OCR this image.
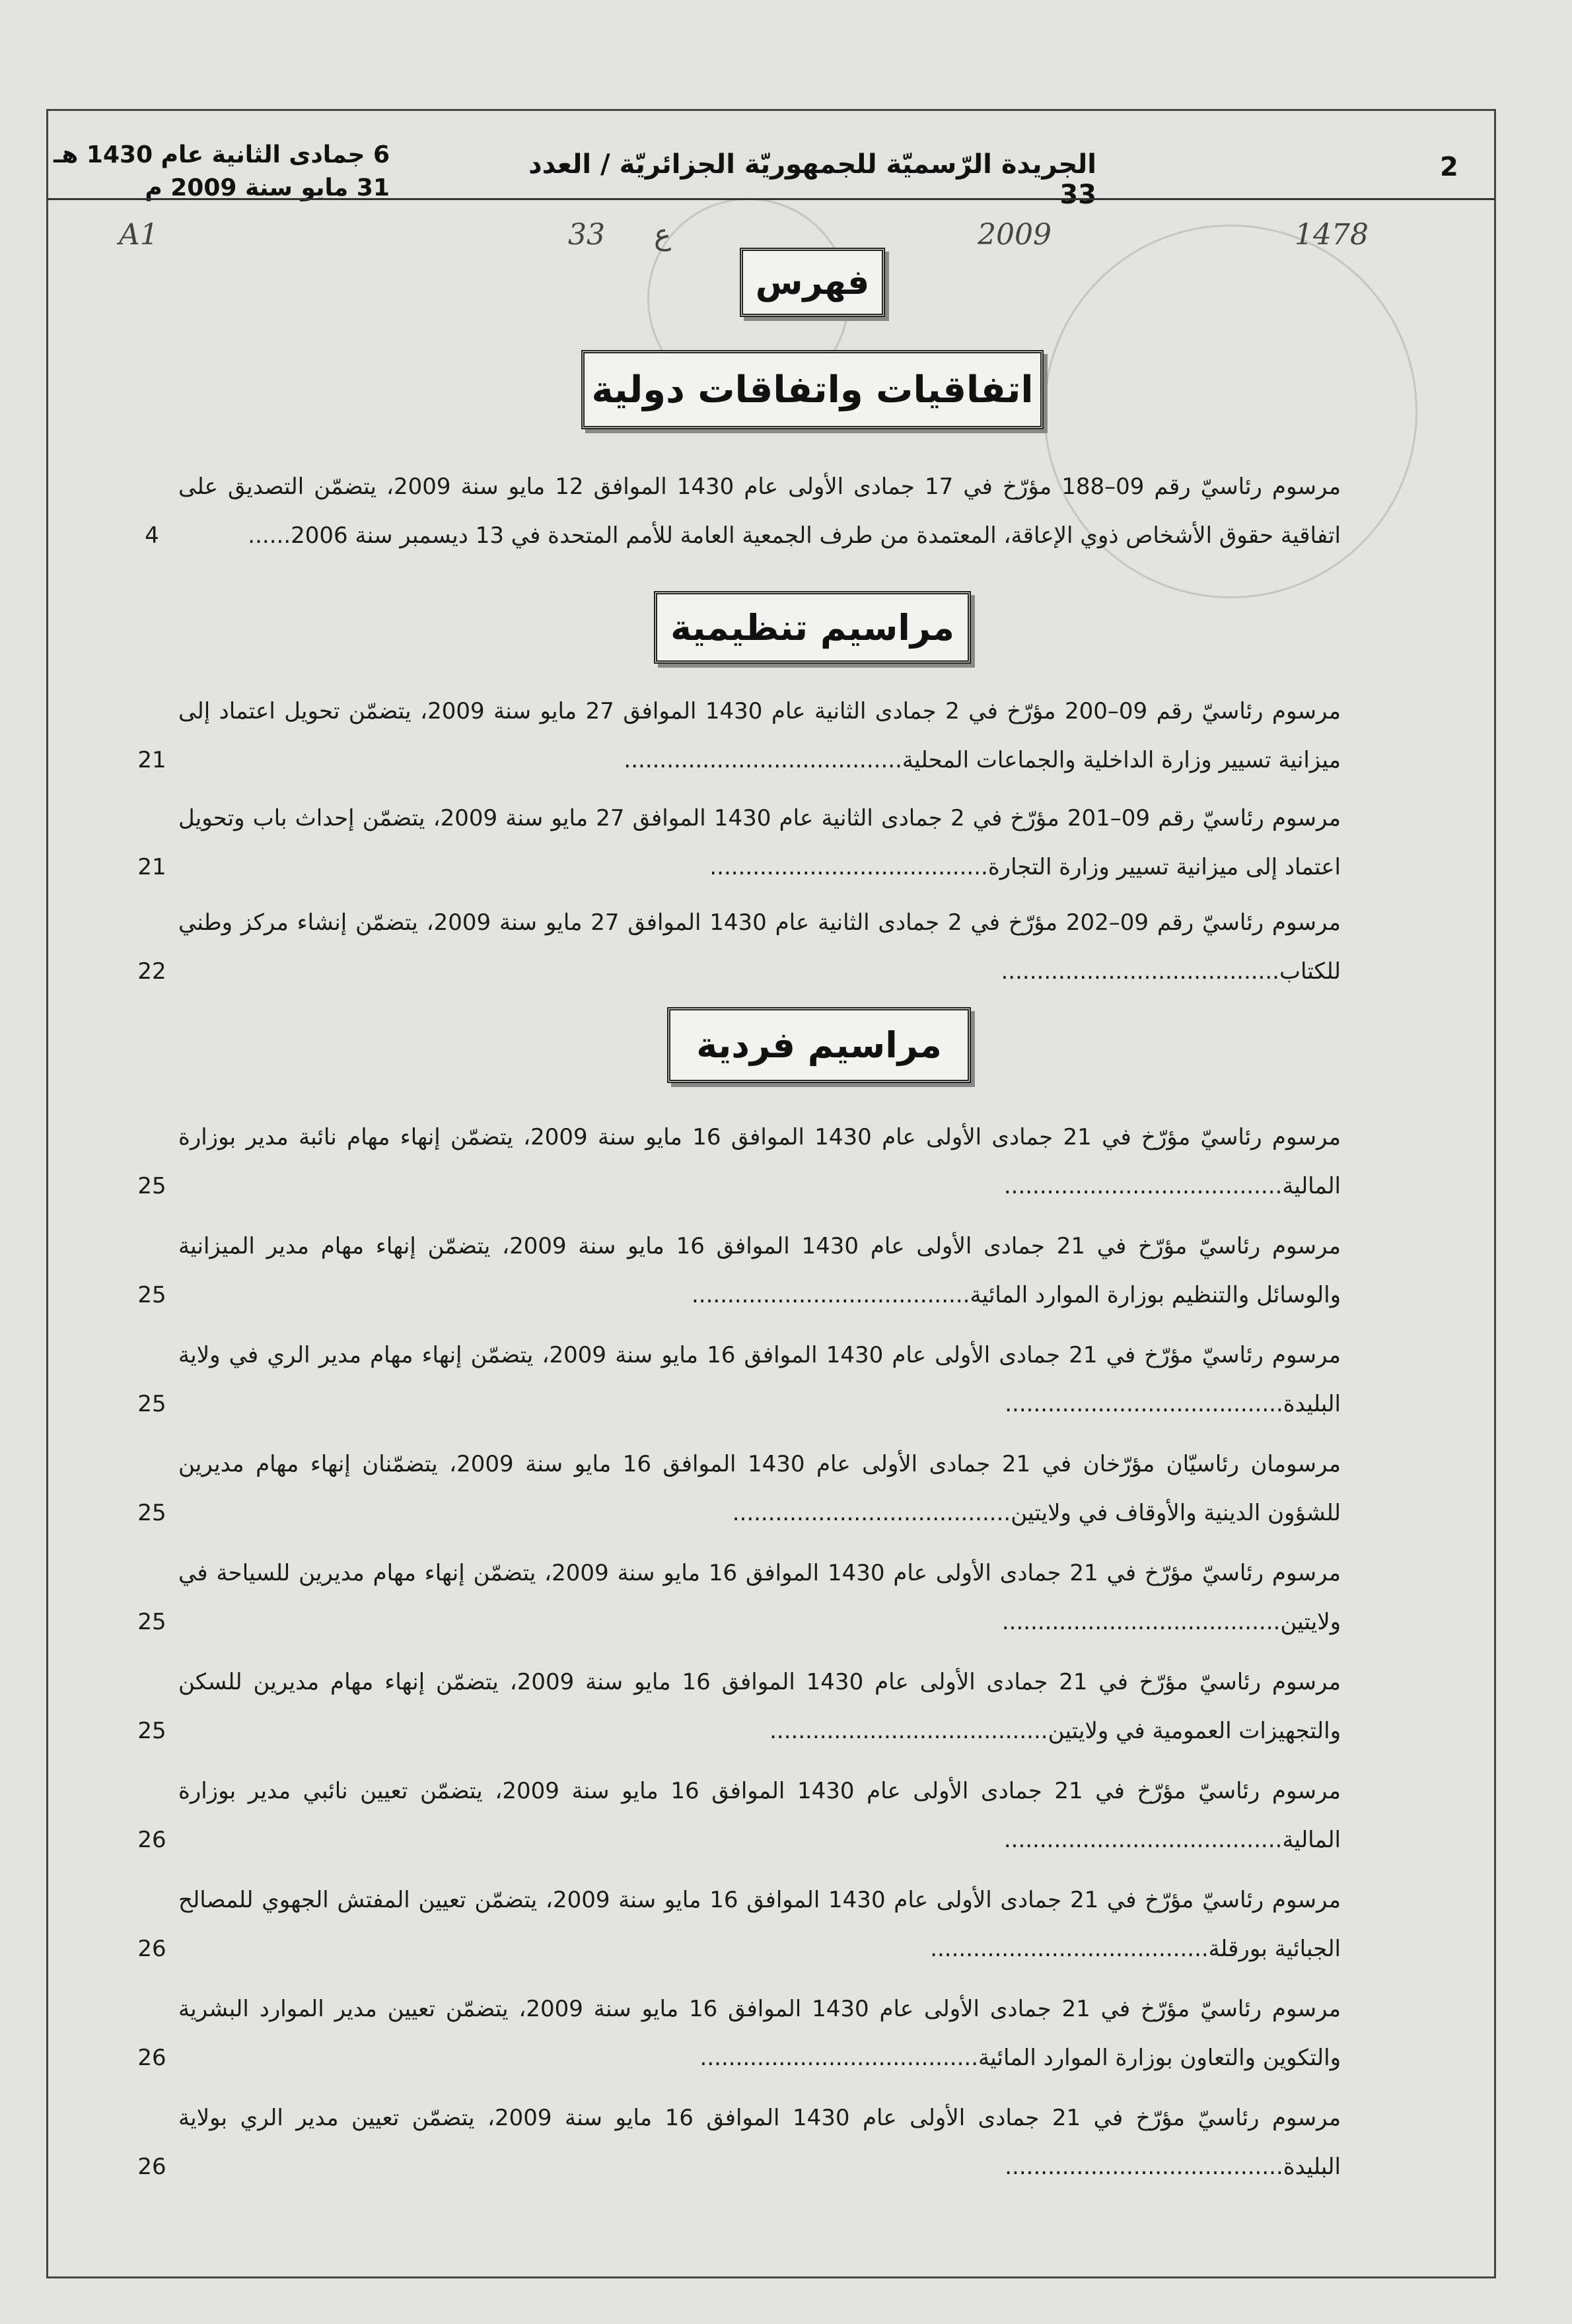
2
الجريدة الرّسميّة للجمهوريّة الجزائريّة / العدد 33
6 جمادى الثانية عام 1430 هـ
31 مايو سنة 2009 م
A1	33 ع	2009	1478
فهرس
اتفاقيات واتفاقات دولية
مرسوم رئاسيّ رقم 09–188 مؤرّخ في 17 جمادى الأولى عام 1430 الموافق 12 مايو سنة 2009، يتضمّن التصديق على اتفاقية حقوق الأشخاص ذوي الإعاقة، المعتمدة من طرف الجمعية العامة للأمم المتحدة في 13 ديسمبر سنة 2006......
4
مراسيم تنظيمية
مرسوم رئاسيّ رقم 09–200 مؤرّخ في 2 جمادى الثانية عام 1430 الموافق 27 مايو سنة 2009، يتضمّن تحويل اعتماد إلى ميزانية تسيير وزارة الداخلية والجماعات المحلية.......................................
21
مرسوم رئاسيّ رقم 09–201 مؤرّخ في 2 جمادى الثانية عام 1430 الموافق 27 مايو سنة 2009، يتضمّن إحداث باب وتحويل اعتماد إلى ميزانية تسيير وزارة التجارة.......................................
21
مرسوم رئاسيّ رقم 09–202 مؤرّخ في 2 جمادى الثانية عام 1430 الموافق 27 مايو سنة 2009، يتضمّن إنشاء مركز وطني للكتاب.......................................
22
مراسيم فردية
مرسوم رئاسيّ مؤرّخ في 21 جمادى الأولى عام 1430 الموافق 16 مايو سنة 2009، يتضمّن إنهاء مهام نائبة مدير بوزارة المالية.......................................
25
مرسوم رئاسيّ مؤرّخ في 21 جمادى الأولى عام 1430 الموافق 16 مايو سنة 2009، يتضمّن إنهاء مهام مدير الميزانية والوسائل والتنظيم بوزارة الموارد المائية.......................................
25
مرسوم رئاسيّ مؤرّخ في 21 جمادى الأولى عام 1430 الموافق 16 مايو سنة 2009، يتضمّن إنهاء مهام مدير الري في ولاية البليدة.......................................
25
مرسومان رئاسيّان مؤرّخان في 21 جمادى الأولى عام 1430 الموافق 16 مايو سنة 2009، يتضمّنان إنهاء مهام مديرين للشؤون الدينية والأوقاف في ولايتين.......................................
25
مرسوم رئاسيّ مؤرّخ في 21 جمادى الأولى عام 1430 الموافق 16 مايو سنة 2009، يتضمّن إنهاء مهام مديرين للسياحة في ولايتين.......................................
25
مرسوم رئاسيّ مؤرّخ في 21 جمادى الأولى عام 1430 الموافق 16 مايو سنة 2009، يتضمّن إنهاء مهام مديرين للسكن والتجهيزات العمومية في ولايتين.......................................
25
مرسوم رئاسيّ مؤرّخ في 21 جمادى الأولى عام 1430 الموافق 16 مايو سنة 2009، يتضمّن تعيين نائبي مدير بوزارة المالية.......................................
26
مرسوم رئاسيّ مؤرّخ في 21 جمادى الأولى عام 1430 الموافق 16 مايو سنة 2009، يتضمّن تعيين المفتش الجهوي للمصالح الجبائية بورقلة.......................................
26
مرسوم رئاسيّ مؤرّخ في 21 جمادى الأولى عام 1430 الموافق 16 مايو سنة 2009، يتضمّن تعيين مدير الموارد البشرية والتكوين والتعاون بوزارة الموارد المائية.......................................
26
مرسوم رئاسيّ مؤرّخ في 21 جمادى الأولى عام 1430 الموافق 16 مايو سنة 2009، يتضمّن تعيين مدير الري بولاية البليدة.......................................
26
